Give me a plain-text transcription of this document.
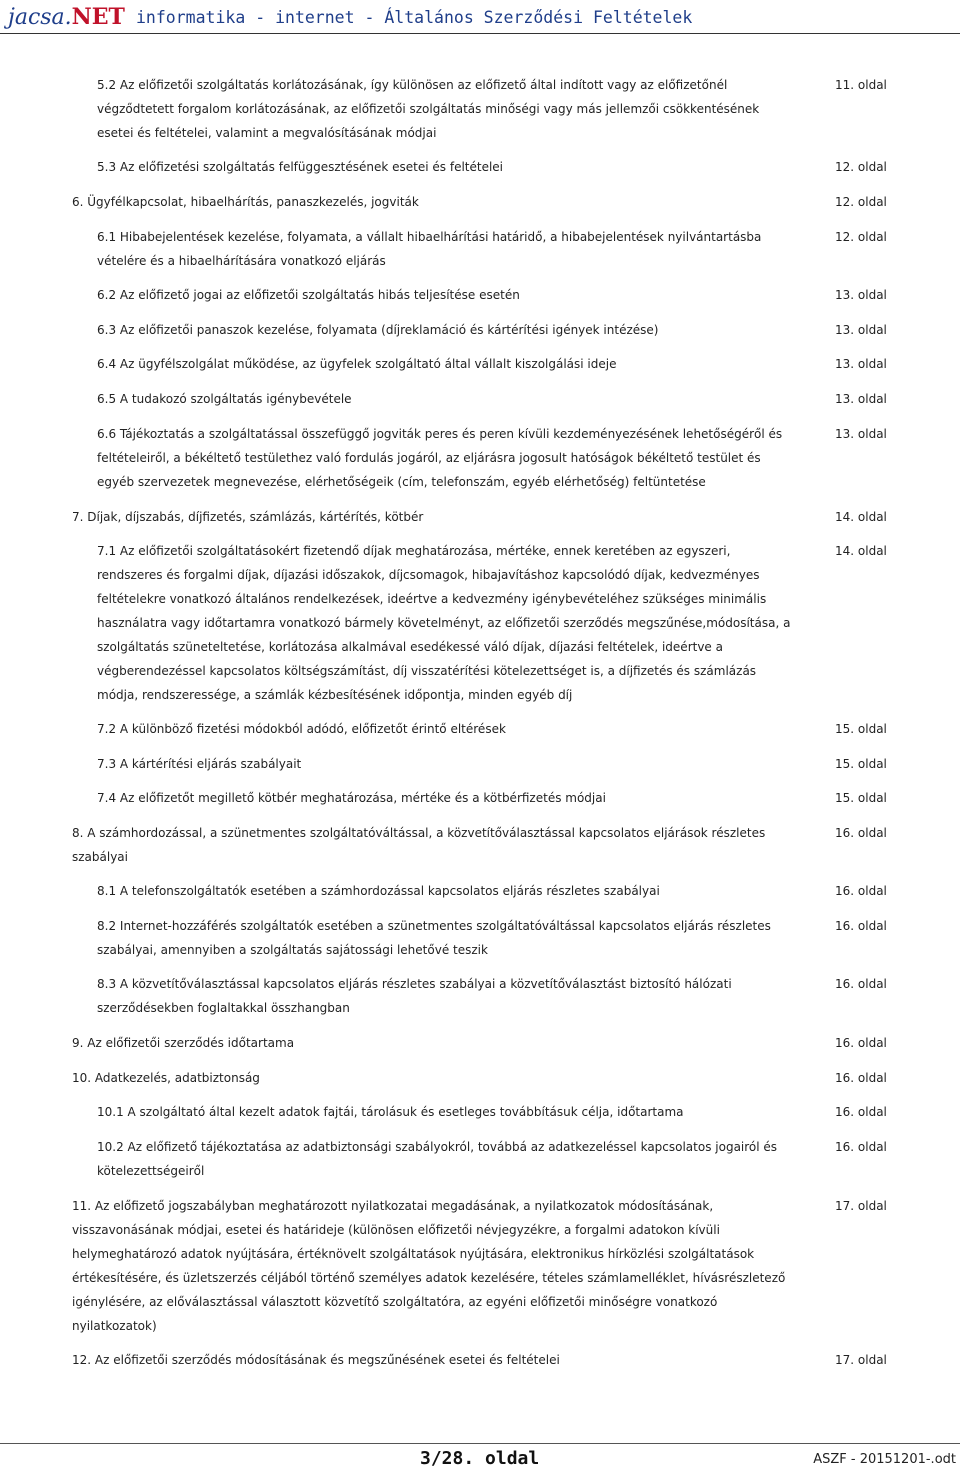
jacsa.NET informatika - internet - Általános Szerződési Feltételek
5.2 Az előfizetői szolgáltatás korlátozásának, így különösen az előfizető által indított vagy az előfizetőnél
végződtetett forgalom korlátozásának, az előfizetői szolgáltatás minőségi vagy más jellemzői csökkentésének
esetei és feltételei, valamint a megvalósításának módjai
11. oldal
5.3 Az előfizetési szolgáltatás felfüggesztésének esetei és feltételei	12. oldal
6. Ügyfélkapcsolat, hibaelhárítás, panaszkezelés, jogviták	12. oldal
6.1 Hibabejelentések kezelése, folyamata, a vállalt hibaelhárítási határidő, a hibabejelentések nyilvántartásba
vételére és a hibaelhárítására vonatkozó eljárás
12. oldal
6.2 Az előfizető jogai az előfizetői szolgáltatás hibás teljesítése esetén	13. oldal
6.3 Az előfizetői panaszok kezelése, folyamata (díjreklamáció és kártérítési igények intézése)	13. oldal
6.4 Az ügyfélszolgálat működése, az ügyfelek szolgáltató által vállalt kiszolgálási ideje	13. oldal
6.5 A tudakozó szolgáltatás igénybevétele	13. oldal
6.6 Tájékoztatás a szolgáltatással összefüggő jogviták peres és peren kívüli kezdeményezésének lehetőségéről és
feltételeiről, a békéltető testülethez való fordulás jogáról, az eljárásra jogosult hatóságok békéltető testület és
egyéb szervezetek megnevezése, elérhetőségeik (cím, telefonszám, egyéb elérhetőség) feltüntetése
13. oldal
7. Díjak, díjszabás, díjfizetés, számlázás, kártérítés, kötbér	14. oldal
7.1 Az előfizetői szolgáltatásokért fizetendő díjak meghatározása, mértéke, ennek keretében az egyszeri,
rendszeres és forgalmi díjak, díjazási időszakok, díjcsomagok, hibajavításhoz kapcsolódó díjak, kedvezményes
feltételekre vonatkozó általános rendelkezések, ideértve a kedvezmény igénybevételéhez szükséges minimális
használatra vagy időtartamra vonatkozó bármely követelményt, az előfizetői szerződés megszűnése,módosítása, a
szolgáltatás szüneteltetése, korlátozása alkalmával esedékessé váló díjak, díjazási feltételek, ideértve a
végberendezéssel kapcsolatos költségszámítást, díj visszatérítési kötelezettséget is, a díjfizetés és számlázás
módja, rendszeressége, a számlák kézbesítésének időpontja, minden egyéb díj
14. oldal
7.2 A különböző fizetési módokból adódó, előfizetőt érintő eltérések	15. oldal
7.3 A kártérítési eljárás szabályait	15. oldal
7.4 Az előfizetőt megillető kötbér meghatározása, mértéke és a kötbérfizetés módjai	15. oldal
8. A számhordozással, a szünetmentes szolgáltatóváltással, a közvetítőválasztással kapcsolatos eljárások részletes
szabályai
16. oldal
8.1 A telefonszolgáltatók esetében a számhordozással kapcsolatos eljárás részletes szabályai	16. oldal
8.2 Internet-hozzáférés szolgáltatók esetében a szünetmentes szolgáltatóváltással kapcsolatos eljárás részletes
szabályai, amennyiben a szolgáltatás sajátossági lehetővé teszik
16. oldal
8.3 A közvetítőválasztással kapcsolatos eljárás részletes szabályai a közvetítőválasztást biztosító hálózati
szerződésekben foglaltakkal összhangban
16. oldal
9. Az előfizetői szerződés időtartama	16. oldal
10. Adatkezelés, adatbiztonság	16. oldal
10.1 A szolgáltató által kezelt adatok fajtái, tárolásuk és esetleges továbbításuk célja, időtartama	16. oldal
10.2 Az előfizető tájékoztatása az adatbiztonsági szabályokról, továbbá az adatkezeléssel kapcsolatos jogairól és
kötelezettségeiről
16. oldal
11. Az előfizető jogszabályban meghatározott nyilatkozatai megadásának, a nyilatkozatok módosításának,
visszavonásának módjai, esetei és határideje (különösen előfizetői névjegyzékre, a forgalmi adatokon kívüli
helymeghatározó adatok nyújtására, értéknövelt szolgáltatások nyújtására, elektronikus hírközlési szolgáltatások
értékesítésére, és üzletszerzés céljából történő személyes adatok kezelésére, tételes számlamelléklet, hívásrészletező
igénylésére, az előválasztással választott közvetítő szolgáltatóra, az egyéni előfizetői minőségre vonatkozó
nyilatkozatok)
17. oldal
12. Az előfizetői szerződés módosításának és megszűnésének esetei és feltételei	17. oldal
3/28. oldal	ASZF - 20151201-.odt
